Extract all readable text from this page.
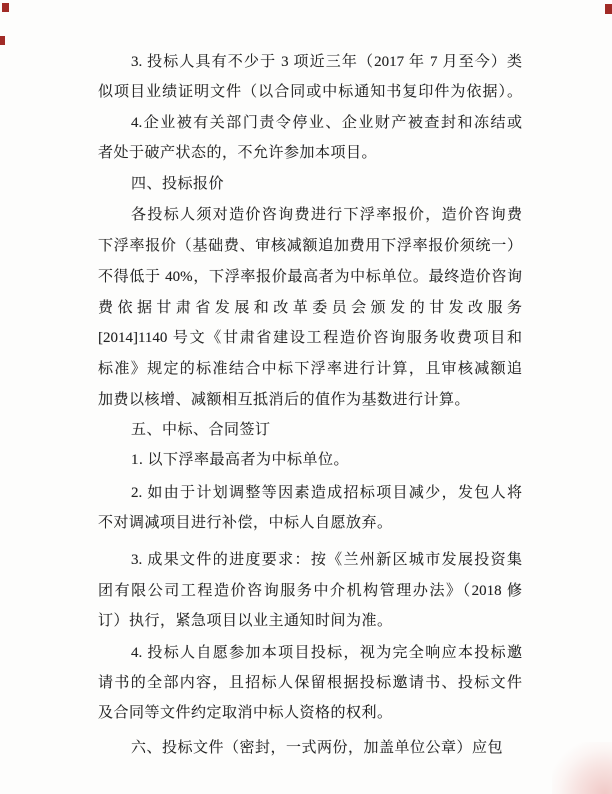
3. 投标人具有不少于 3 项近三年（2017 年 7 月至今）类
似项目业绩证明文件（以合同或中标通知书复印件为依据）。
4.企业被有关部门责令停业、企业财产被查封和冻结或
者处于破产状态的，不允许参加本项目。
四、投标报价
各投标人须对造价咨询费进行下浮率报价，造价咨询费
下浮率报价（基础费、审核减额追加费用下浮率报价须统一）
不得低于 40%，下浮率报价最高者为中标单位。最终造价咨询
费依据甘肃省发展和改革委员会颁发的甘发改服务
[2014]1140 号文《甘肃省建设工程造价咨询服务收费项目和
标准》规定的标准结合中标下浮率进行计算，且审核减额追
加费以核增、减额相互抵消后的值作为基数进行计算。
五、中标、合同签订
1. 以下浮率最高者为中标单位。
2. 如由于计划调整等因素造成招标项目减少，发包人将
不对调减项目进行补偿，中标人自愿放弃。
3. 成果文件的进度要求：按《兰州新区城市发展投资集
团有限公司工程造价咨询服务中介机构管理办法》（2018 修
订）执行，紧急项目以业主通知时间为准。
4. 投标人自愿参加本项目投标，视为完全响应本投标邀
请书的全部内容，且招标人保留根据投标邀请书、投标文件
及合同等文件约定取消中标人资格的权利。
六、投标文件（密封，一式两份，加盖单位公章）应包
